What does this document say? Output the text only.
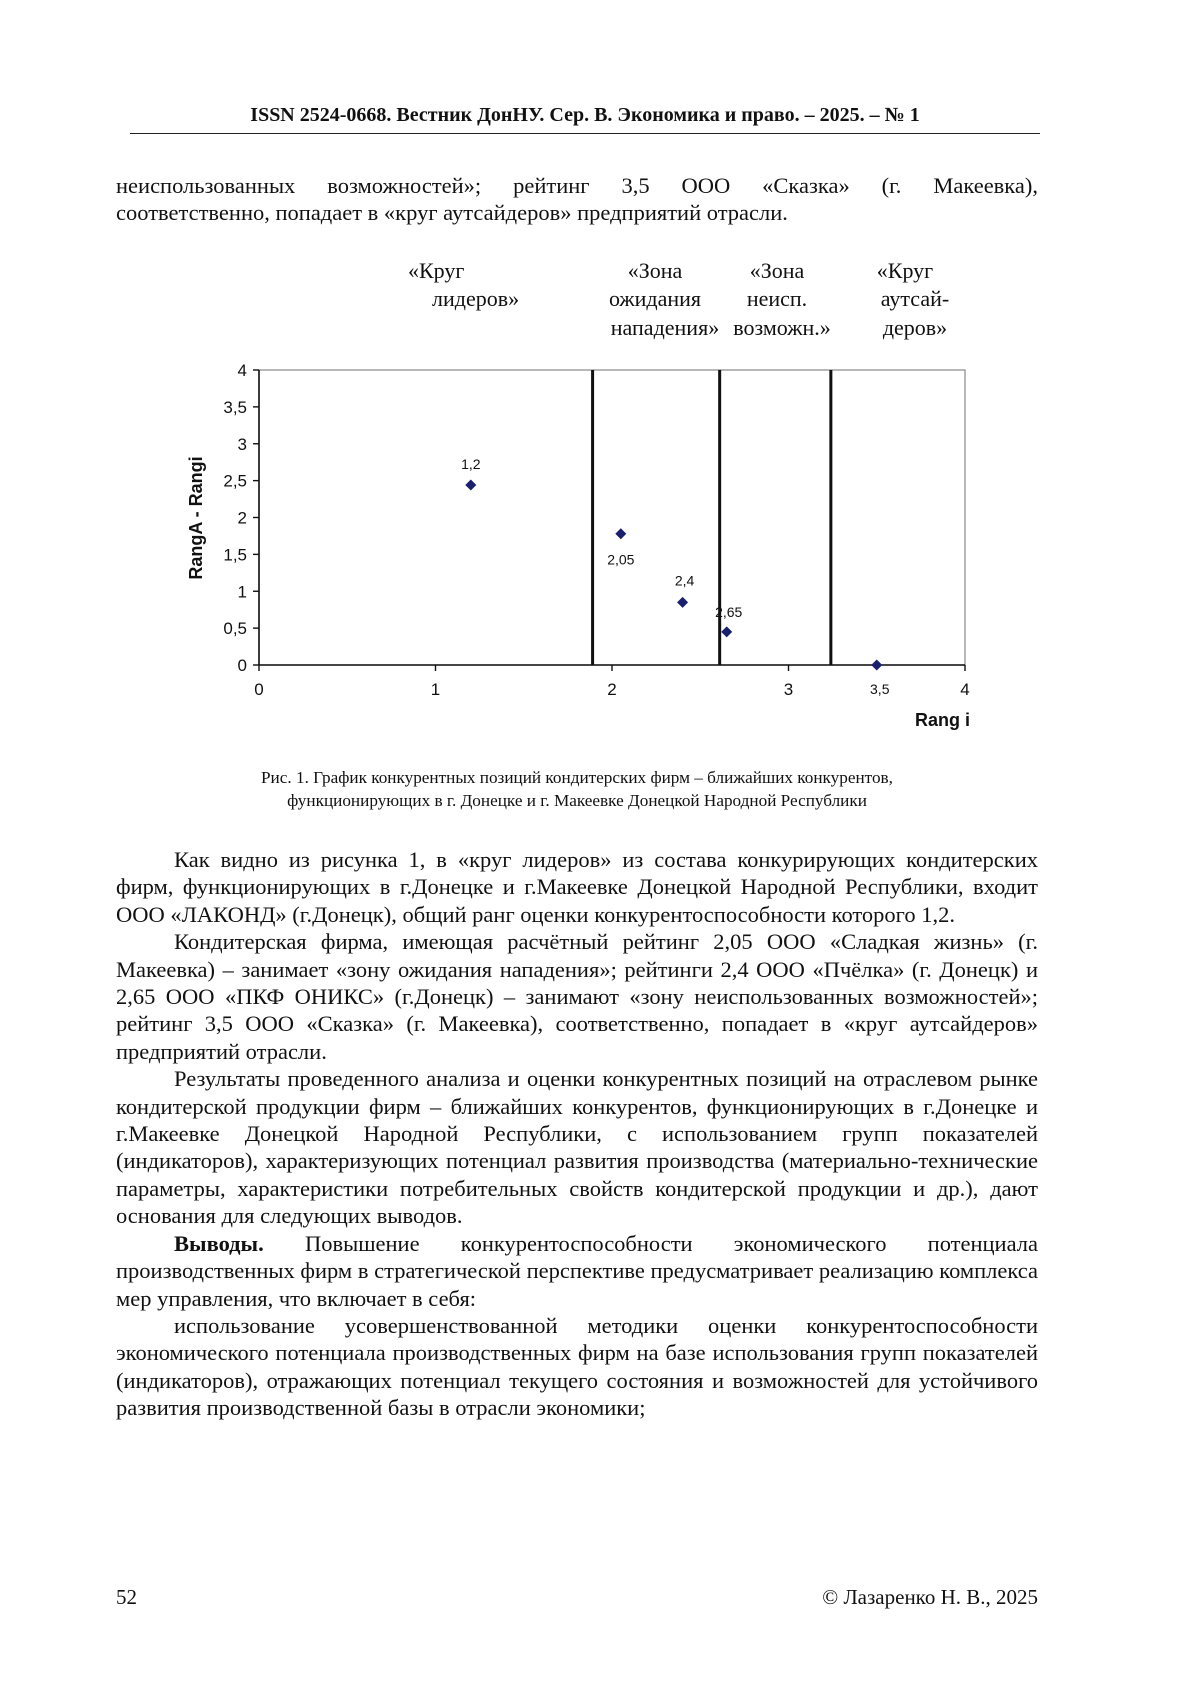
ISSN 2524-0668. Вестник ДонНУ. Сер. В. Экономика и право. – 2025. – № 1

неиспользованных возможностей»; рейтинг 3,5 ООО «Сказка» (г. Макеевка),

соответственно, попадает в «круг аутсайдеров» предприятий отрасли.

«Круг
лидеров»
«Зона
ожидания
нападения»
«Зона
неисп.
возможн.»
«Круг
аутсай-
деров»
0
0,5
1
1,5
2
2,5
3
3,5
4
0	1	2	3	4
1,2
2,05
2,4
2,65
3,5
Rang i
RangA - Rangi
Рис. 1. График конкурентных позиций кондитерских фирм – ближайших конкурентов,
функционирующих в г. Донецке и г. Макеевке Донецкой Народной Республики

Как видно из рисунка 1, в «круг лидеров» из состава конкурирующих кондитерских фирм, функционирующих в г.Донецке и г.Макеевке Донецкой Народной Республики, входит ООО «ЛАКОНД» (г.Донецк), общий ранг оценки конкурентоспособности которого 1,2.

Кондитерская фирма, имеющая расчётный рейтинг 2,05 ООО «Сладкая жизнь» (г. Макеевка) – занимает «зону ожидания нападения»; рейтинги 2,4 ООО «Пчёлка» (г. Донецк) и 2,65 ООО «ПКФ ОНИКС» (г.Донецк) – занимают «зону неиспользованных возможностей»; рейтинг 3,5 ООО «Сказка» (г. Макеевка), соответственно, попадает в «круг аутсайдеров» предприятий отрасли.

Результаты проведенного анализа и оценки конкурентных позиций на отраслевом рынке кондитерской продукции фирм – ближайших конкурентов, функционирующих в г.Донецке и г.Макеевке Донецкой Народной Республики, с использованием групп показателей (индикаторов), характеризующих потенциал развития производства (материально-технические параметры, характеристики потребительных свойств кондитерской продукции и др.), дают основания для следующих выводов.

Выводы. Повышение конкурентоспособности экономического потенциала производственных фирм в стратегической перспективе предусматривает реализацию комплекса мер управления, что включает в себя:

использование усовершенствованной методики оценки конкурентоспособности экономического потенциала производственных фирм на базе использования групп показателей (индикаторов), отражающих потенциал текущего состояния и возможностей для устойчивого развития производственной базы в отрасли экономики;

52	© Лазаренко Н. В., 2025
